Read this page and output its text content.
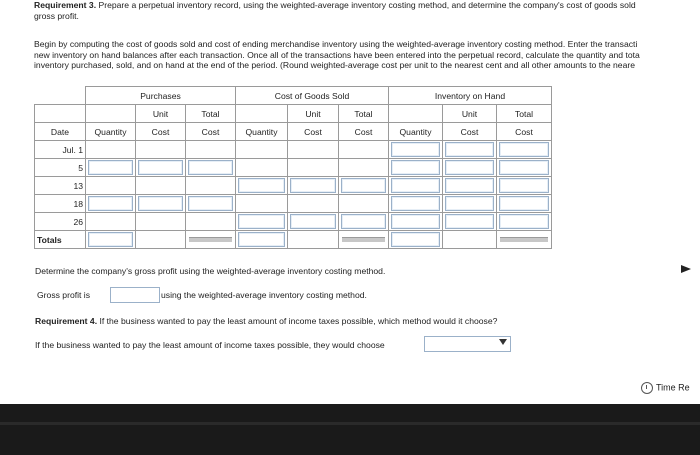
Requirement 3. Prepare a perpetual inventory record, using the weighted-average inventory costing method, and determine the company's cost of goods sold
gross profit.
Begin by computing the cost of goods sold and cost of ending merchandise inventory using the weighted-average inventory costing method. Enter the transacti
new inventory on hand balances after each transaction. Once all of the transactions have been entered into the perpetual record, calculate the quantity and tota
inventory purchased, sold, and on hand at the end of the period. (Round weighted-average cost per unit to the nearest cent and all other amounts to the neare
	Purchases			Cost of Goods Sold			Inventory on Hand		
		Unit	Total		Unit	Total		Unit	Total
Date	Quantity	Cost	Cost	Quantity	Cost	Cost	Quantity	Cost	Cost
Jul. 1							

5	

13				

18	

26				

Totals	

Determine the company's gross profit using the weighted-average inventory costing method.
Gross profit is	using the weighted-average inventory costing method.
Requirement 4. If the business wanted to pay the least amount of income taxes possible, which method would it choose?
If the business wanted to pay the least amount of income taxes possible, they would choose
Time Re
